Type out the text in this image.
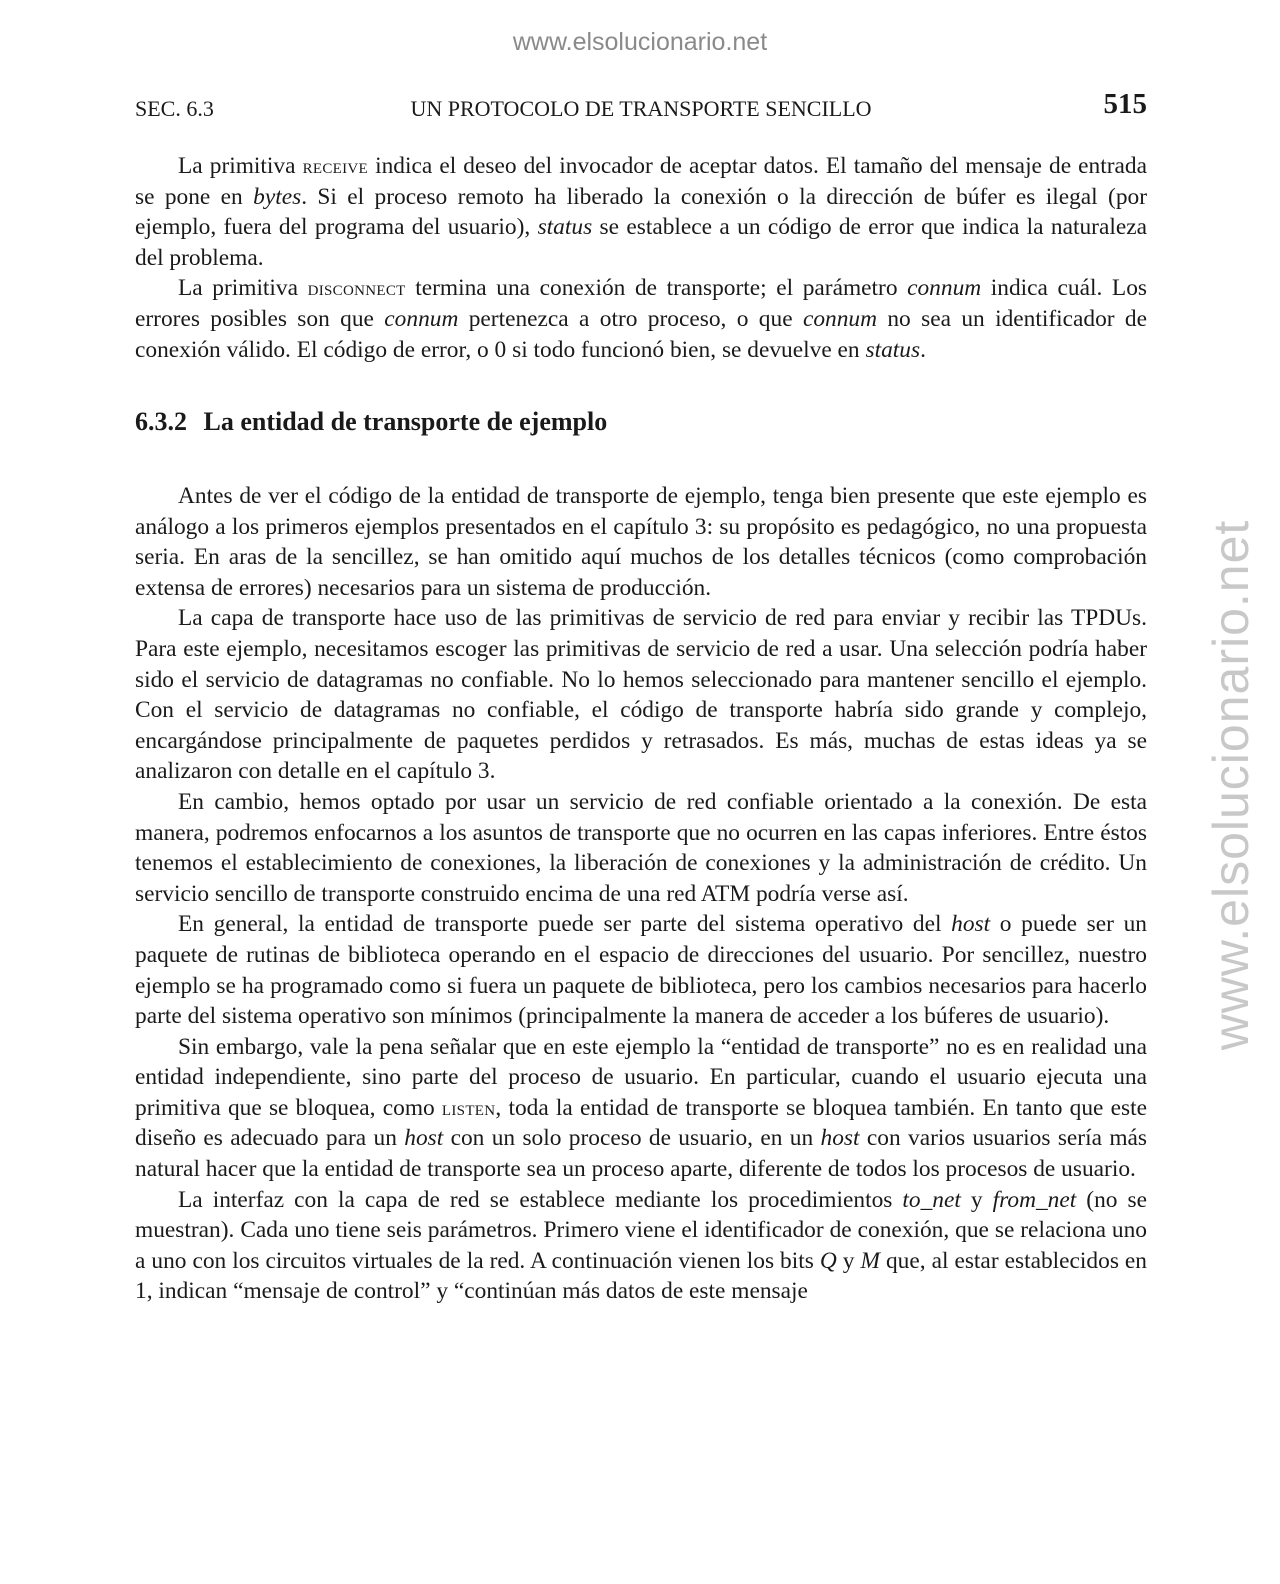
www.elsolucionario.net
www.elsolucionario.net
SEC. 6.3	UN PROTOCOLO DE TRANSPORTE SENCILLO	515

La primitiva receive indica el deseo del invocador de aceptar datos. El tamaño del mensaje de entrada se pone en bytes. Si el proceso remoto ha liberado la conexión o la dirección de búfer es ilegal (por ejemplo, fuera del programa del usuario), status se establece a un código de error que indica la naturaleza del problema.

La primitiva disconnect termina una conexión de transporte; el parámetro connum indica cuál. Los errores posibles son que connum pertenezca a otro proceso, o que connum no sea un identificador de conexión válido. El código de error, o 0 si todo funcionó bien, se devuelve en status.

6.3.2 La entidad de transporte de ejemplo

Antes de ver el código de la entidad de transporte de ejemplo, tenga bien presente que este ejemplo es análogo a los primeros ejemplos presentados en el capítulo 3: su propósito es pedagógico, no una propuesta seria. En aras de la sencillez, se han omitido aquí muchos de los detalles técnicos (como comprobación extensa de errores) necesarios para un sistema de producción.

La capa de transporte hace uso de las primitivas de servicio de red para enviar y recibir las TPDUs. Para este ejemplo, necesitamos escoger las primitivas de servicio de red a usar. Una selección podría haber sido el servicio de datagramas no confiable. No lo hemos seleccionado para mantener sencillo el ejemplo. Con el servicio de datagramas no confiable, el código de transporte habría sido grande y complejo, encargándose principalmente de paquetes perdidos y retrasados. Es más, muchas de estas ideas ya se analizaron con detalle en el capítulo 3.

En cambio, hemos optado por usar un servicio de red confiable orientado a la conexión. De esta manera, podremos enfocarnos a los asuntos de transporte que no ocurren en las capas inferiores. Entre éstos tenemos el establecimiento de conexiones, la liberación de conexiones y la administración de crédito. Un servicio sencillo de transporte construido encima de una red ATM podría verse así.

En general, la entidad de transporte puede ser parte del sistema operativo del host o puede ser un paquete de rutinas de biblioteca operando en el espacio de direcciones del usuario. Por sencillez, nuestro ejemplo se ha programado como si fuera un paquete de biblioteca, pero los cambios necesarios para hacerlo parte del sistema operativo son mínimos (principalmente la manera de acceder a los búferes de usuario).

Sin embargo, vale la pena señalar que en este ejemplo la “entidad de transporte” no es en realidad una entidad independiente, sino parte del proceso de usuario. En particular, cuando el usuario ejecuta una primitiva que se bloquea, como listen, toda la entidad de transporte se bloquea también. En tanto que este diseño es adecuado para un host con un solo proceso de usuario, en un host con varios usuarios sería más natural hacer que la entidad de transporte sea un proceso aparte, diferente de todos los procesos de usuario.

La interfaz con la capa de red se establece mediante los procedimientos to_net y from_net (no se muestran). Cada uno tiene seis parámetros. Primero viene el identificador de conexión, que se relaciona uno a uno con los circuitos virtuales de la red. A continuación vienen los bits Q y M que, al estar establecidos en 1, indican “mensaje de control” y “continúan más datos de este mensaje
